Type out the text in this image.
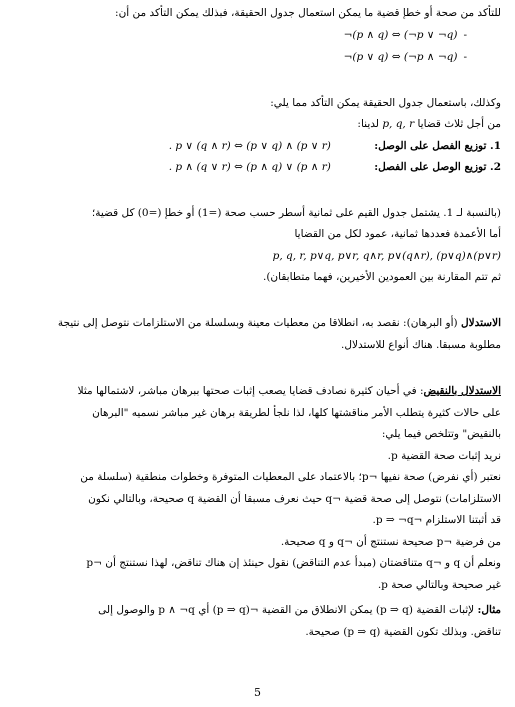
للتأكد من صحة أو خطإ قضية ما يمكن استعمال جدول الحقيقة، فبذلك يمكن التأكد من أن:
-¬(p ∧ q) ⇔ (¬p ∨ ¬q)
-¬(p ∨ q) ⇔ (¬p ∧ ¬q)
وكذلك، باستعمال جدول الحقيقة يمكن التأكد مما يلي:
من أجل ثلاث قضايا p, q, r لدينا:
1. توزيع الفصل على الوصل: . p ∨ (q ∧ r) ⇔ (p ∨ q) ∧ (p ∨ r)
2. توزيع الوصل على الفصل: . p ∧ (q ∨ r) ⇔ (p ∧ q) ∨ (p ∧ r)
(بالنسبة لـ 1. يشتمل جدول القيم على ثمانية أسطر حسب صحة (=1) أو خطإ (=0) كل قضية؛
أما الأعمدة فعددها ثمانية، عمود لكل من القضايا
p, q, r, p∨q, p∨r, q∧r, p∨(q∧r), (p∨q)∧(p∨r)
ثم تتم المقارنة بين العمودين الأخيرين، فهما متطابقان).
الاستدلال (أو البرهان): نقصد به، انطلاقا من معطيات معينة وبسلسلة من الاستلزامات نتوصل إلى نتيجة
مطلوبة مسبقا. هناك أنواع للاستدلال.
الاستدلال بالنقيض: في أحيان كثيرة نصادف قضايا يصعب إثبات صحتها ببرهان مباشر، لاشتمالها مثلا
على حالات كثيرة يتطلب الأمر مناقشتها كلها، لذا نلجأ لطريقة برهان غير مباشر نسميه "البرهان
بالنقيض" وتتلخص فيما يلي:
نريد إثبات صحة القضية p.
نعتبر (أي نفرض) صحة نفيها ¬p؛ بالاعتماد على المعطيات المتوفرة وخطوات منطقية (سلسلة من
الاستلزامات) نتوصل إلى صحة قضية ¬q حيث نعرف مسبقا أن القضية q صحيحة، وبالتالي نكون
قد أثبتنا الاستلزام ¬p ⇒ ¬q.
من فرضية ¬p صحيحة نستنتج أن ¬q و q صحيحة.
ونعلم أن q و ¬q متناقضتان (مبدأ عدم التناقض) نقول حينئذ إن هناك تناقض، لهذا نستنتج أن ¬p
غير صحيحة وبالتالي صحة p.
مثال: لإثبات القضية (p ⇒ q) يمكن الانطلاق من القضية ¬(p ⇒ q) أي p ∧ ¬q والوصول إلى
تناقض. وبذلك تكون القضية (p ⇒ q) صحيحة.
5
